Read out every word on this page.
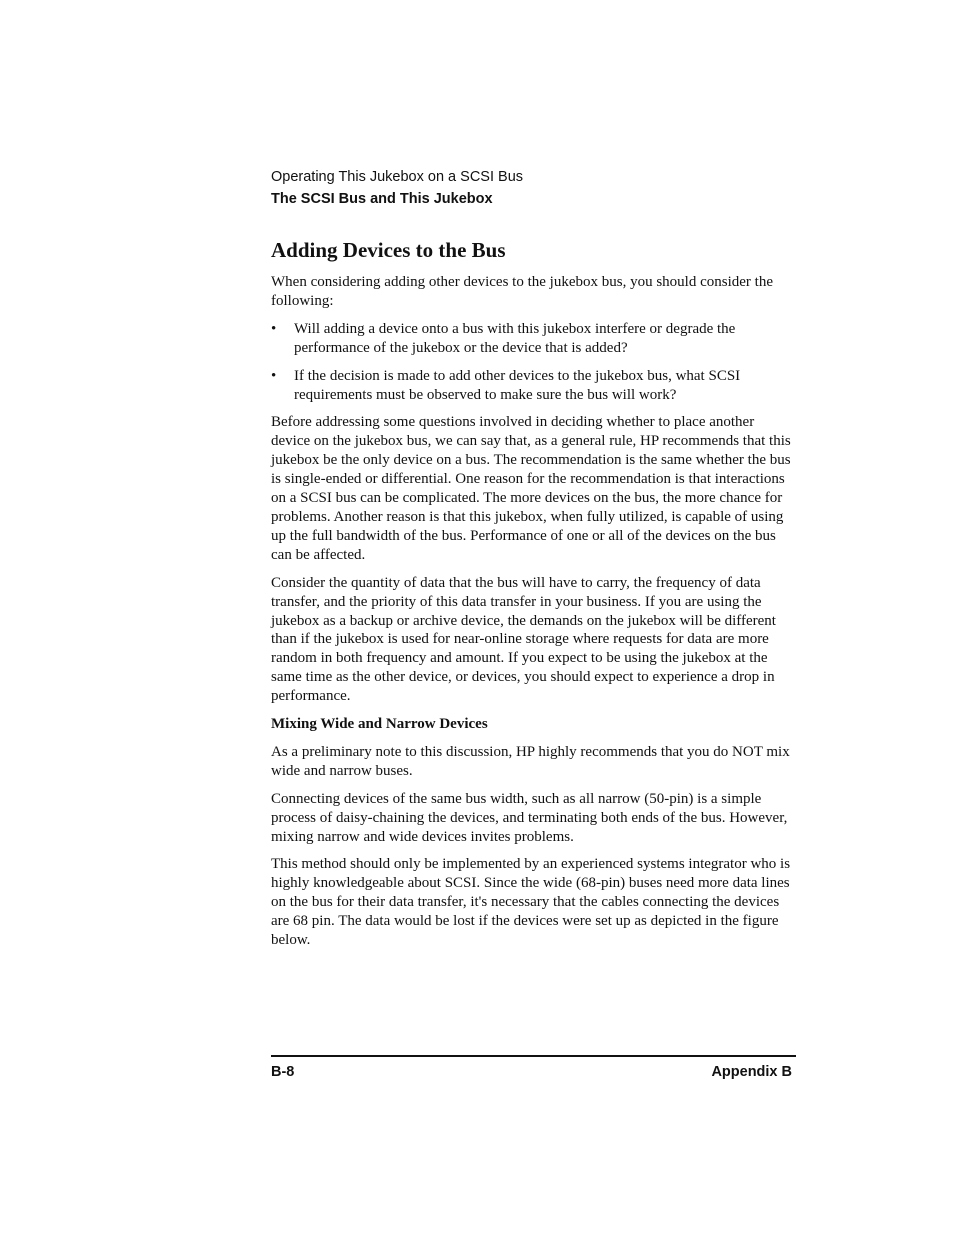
Operating This Jukebox on a SCSI Bus
The SCSI Bus and This Jukebox
Adding Devices to the Bus

When considering adding other devices to the jukebox bus, you should consider the following:

• Will adding a device onto a bus with this jukebox interfere or degrade the performance of the jukebox or the device that is added?
• If the decision is made to add other devices to the jukebox bus, what SCSI requirements must be observed to make sure the bus will work?

Before addressing some questions involved in deciding whether to place another device on the jukebox bus, we can say that, as a general rule, HP recommends that this jukebox be the only device on a bus. The recommendation is the same whether the bus is single-ended or differential. One reason for the recommendation is that interactions on a SCSI bus can be complicated. The more devices on the bus, the more chance for problems. Another reason is that this jukebox, when fully utilized, is capable of using up the full bandwidth of the bus. Performance of one or all of the devices on the bus can be affected.

Consider the quantity of data that the bus will have to carry, the frequency of data transfer, and the priority of this data transfer in your business. If you are using the jukebox as a backup or archive device, the demands on the jukebox will be different than if the jukebox is used for near-online storage where requests for data are more random in both frequency and amount. If you expect to be using the jukebox at the same time as the other device, or devices, you should expect to experience a drop in performance.

Mixing Wide and Narrow Devices

As a preliminary note to this discussion, HP highly recommends that you do NOT mix wide and narrow buses.

Connecting devices of the same bus width, such as all narrow (50-pin) is a simple process of daisy-chaining the devices, and terminating both ends of the bus. However, mixing narrow and wide devices invites problems.

This method should only be implemented by an experienced systems integrator who is highly knowledgeable about SCSI. Since the wide (68-pin) buses need more data lines on the bus for their data transfer, it's necessary that the cables connecting the devices are 68 pin. The data would be lost if the devices were set up as depicted in the figure below.

B-8	Appendix B
